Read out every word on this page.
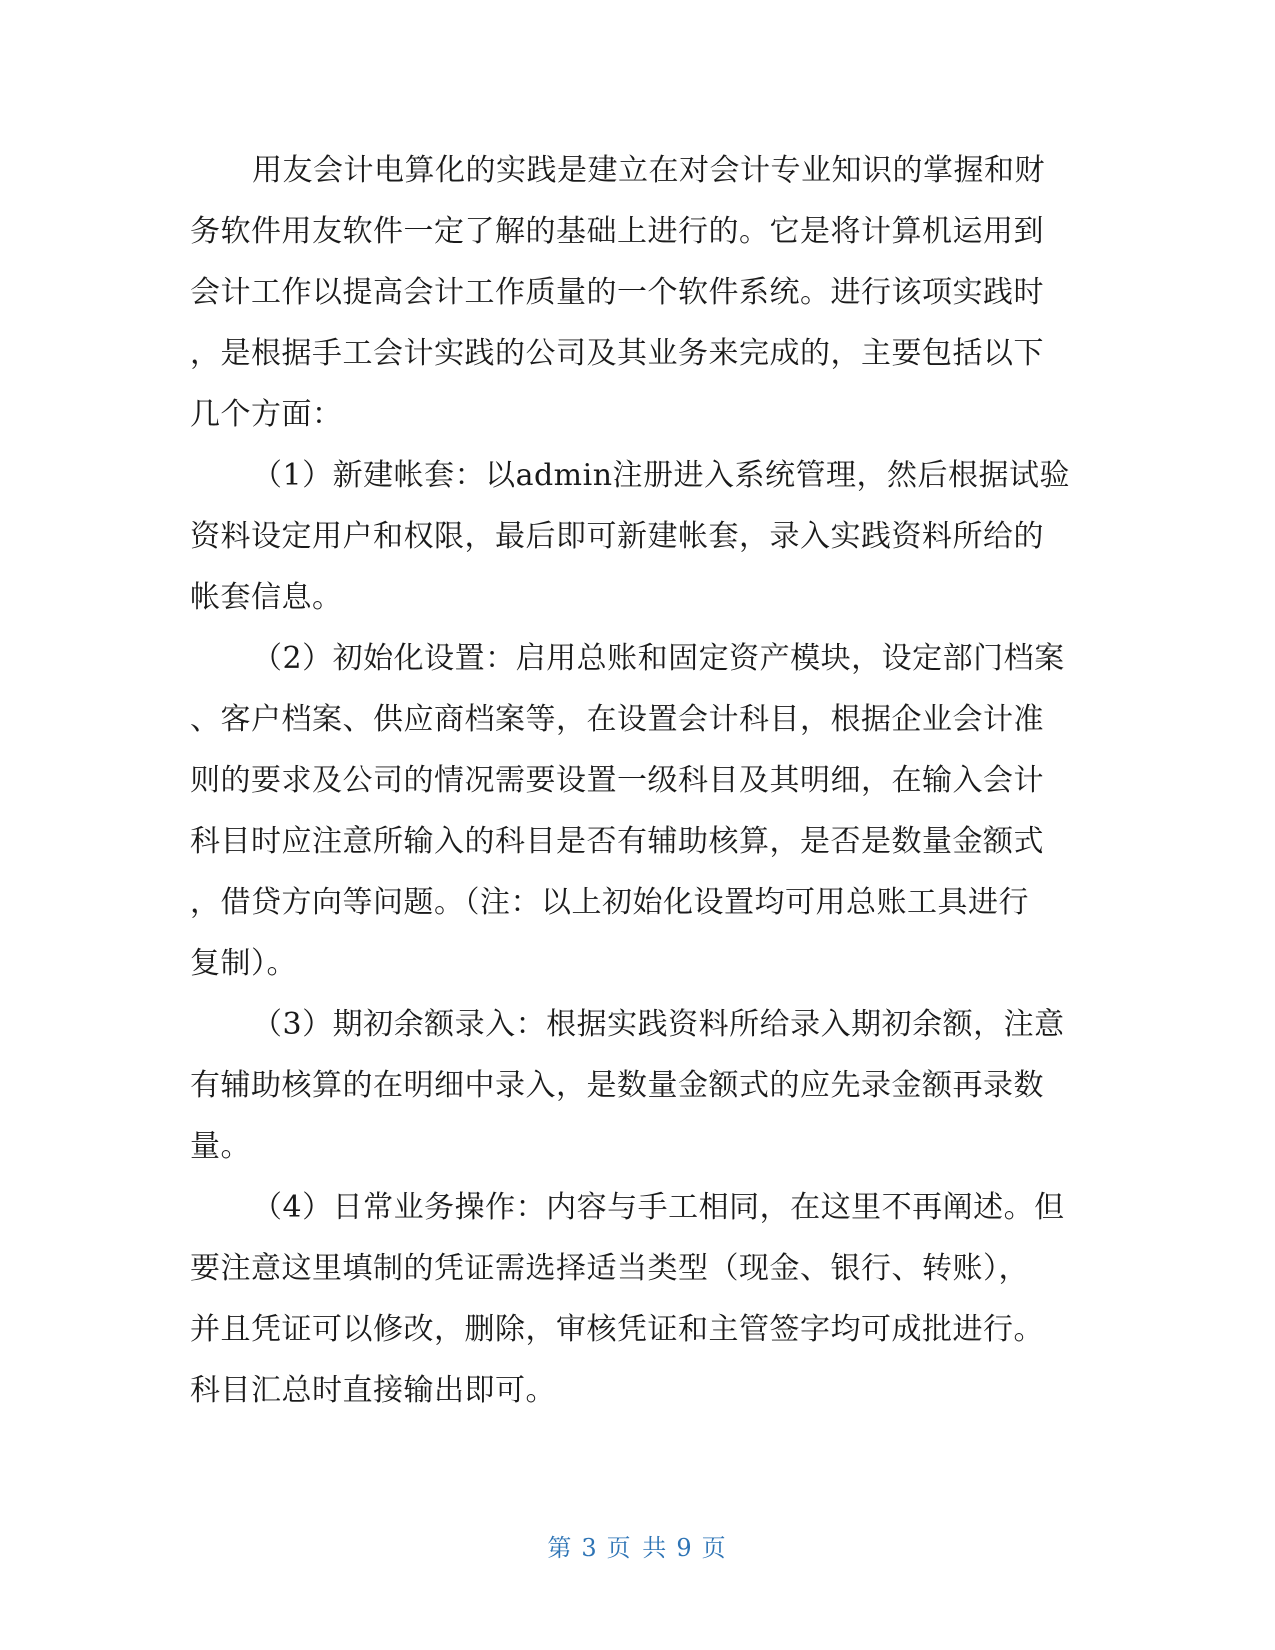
用友会计电算化的实践是建立在对会计专业知识的掌握和财
务软件用友软件一定了解的基础上进行的。它是将计算机运用到
会计工作以提高会计工作质量的一个软件系统。进行该项实践时
，是根据手工会计实践的公司及其业务来完成的，主要包括以下
几个方面：
（1）新建帐套：以admin注册进入系统管理，然后根据试验
资料设定用户和权限，最后即可新建帐套，录入实践资料所给的
帐套信息。
（2）初始化设置：启用总账和固定资产模块，设定部门档案
、客户档案、供应商档案等，在设置会计科目，根据企业会计准
则的要求及公司的情况需要设置一级科目及其明细，在输入会计
科目时应注意所输入的科目是否有辅助核算，是否是数量金额式
，借贷方向等问题。（注：以上初始化设置均可用总账工具进行
复制）。
（3）期初余额录入：根据实践资料所给录入期初余额，注意
有辅助核算的在明细中录入，是数量金额式的应先录金额再录数
量。
（4）日常业务操作：内容与手工相同，在这里不再阐述。但
要注意这里填制的凭证需选择适当类型（现金、银行、转账），
并且凭证可以修改，删除，审核凭证和主管签字均可成批进行。
科目汇总时直接输出即可。
第 3 页 共 9 页
